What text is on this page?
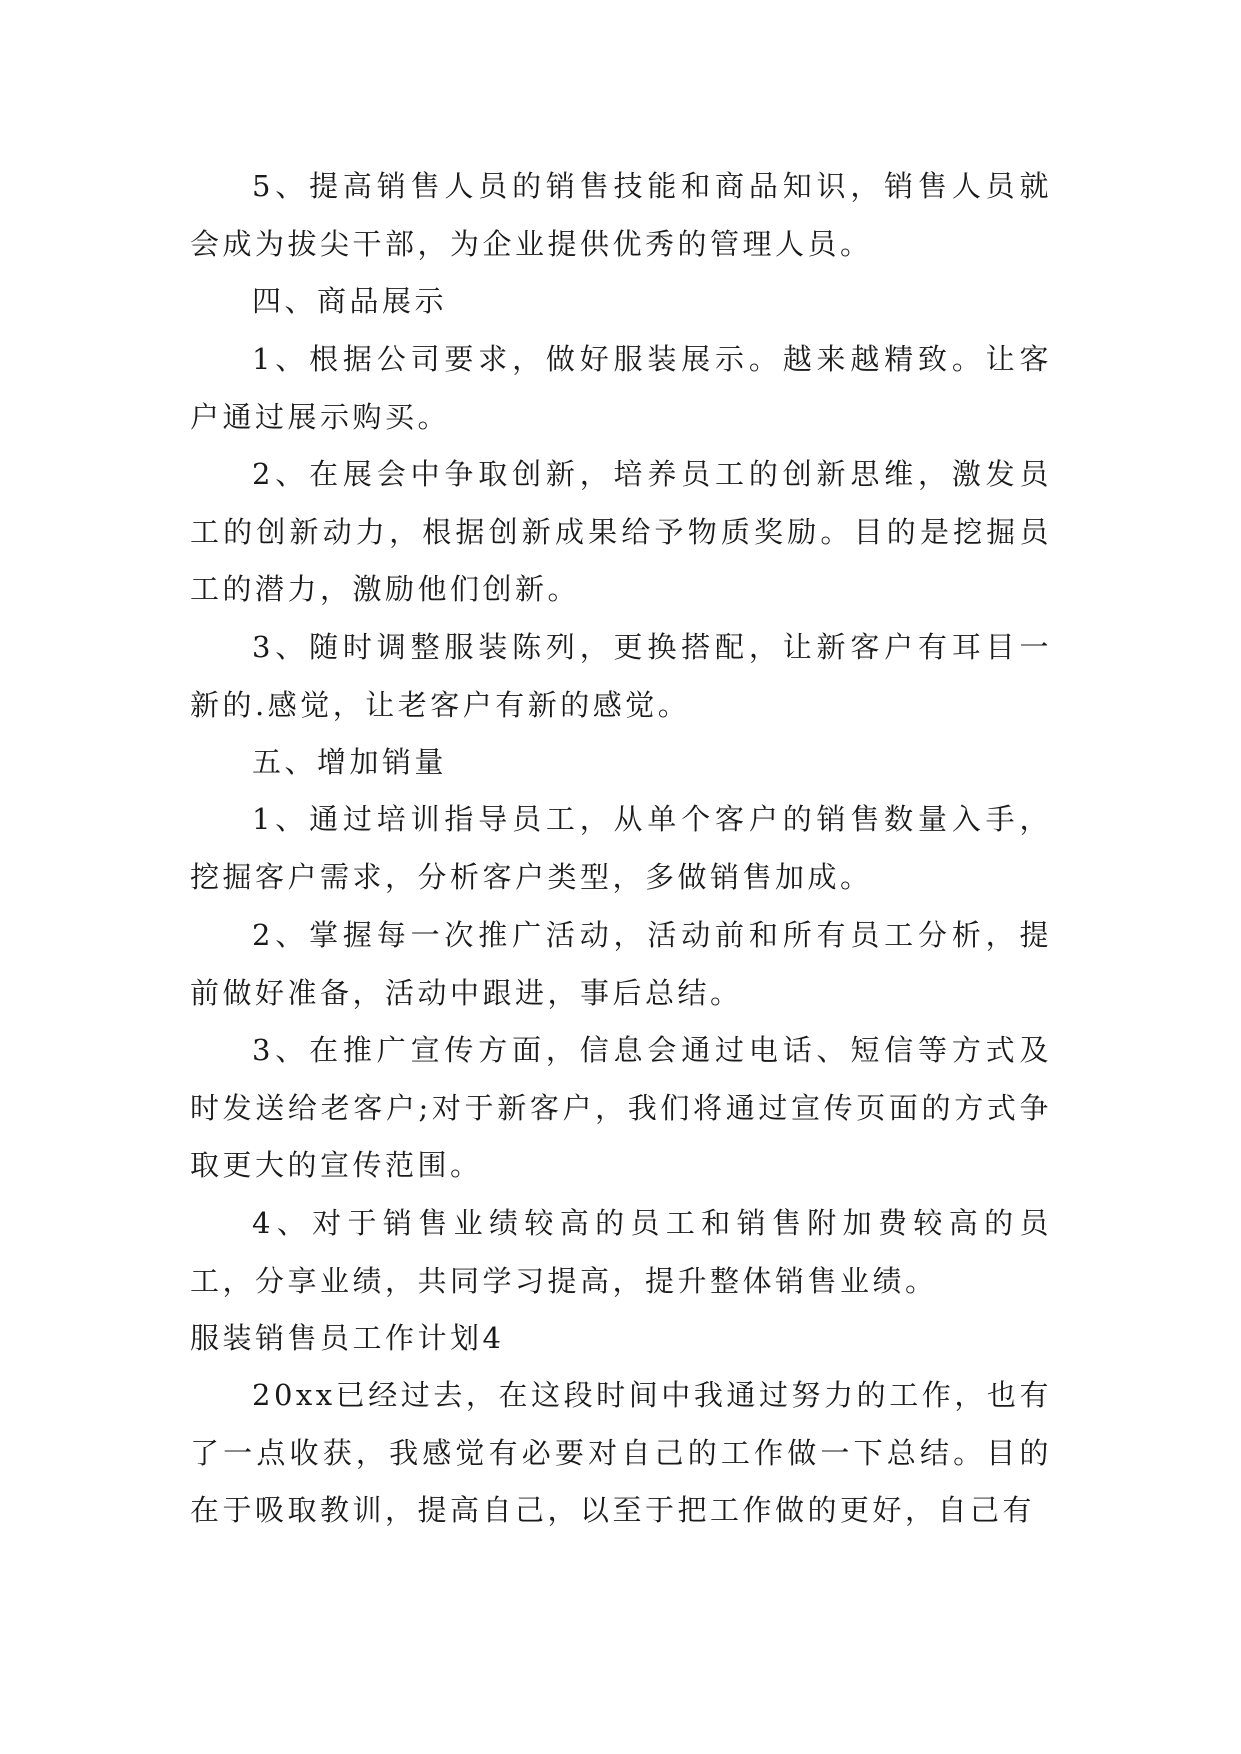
5、提高销售人员的销售技能和商品知识，销售人员就会成为拔尖干部，为企业提供优秀的管理人员。

四、商品展示

1、根据公司要求，做好服装展示。越来越精致。让客户通过展示购买。

2、在展会中争取创新，培养员工的创新思维，激发员工的创新动力，根据创新成果给予物质奖励。目的是挖掘员工的潜力，激励他们创新。

3、随时调整服装陈列，更换搭配，让新客户有耳目一新的.感觉，让老客户有新的感觉。

五、增加销量

1、通过培训指导员工，从单个客户的销售数量入手，挖掘客户需求，分析客户类型，多做销售加成。

2、掌握每一次推广活动，活动前和所有员工分析，提前做好准备，活动中跟进，事后总结。

3、在推广宣传方面，信息会通过电话、短信等方式及时发送给老客户;对于新客户，我们将通过宣传页面的方式争取更大的宣传范围。

4、对于销售业绩较高的员工和销售附加费较高的员工，分享业绩，共同学习提高，提升整体销售业绩。

服装销售员工作计划4

20xx已经过去，在这段时间中我通过努力的工作，也有了一点收获，我感觉有必要对自己的工作做一下总结。目的在于吸取教训，提高自己，以至于把工作做的更好，自己有
